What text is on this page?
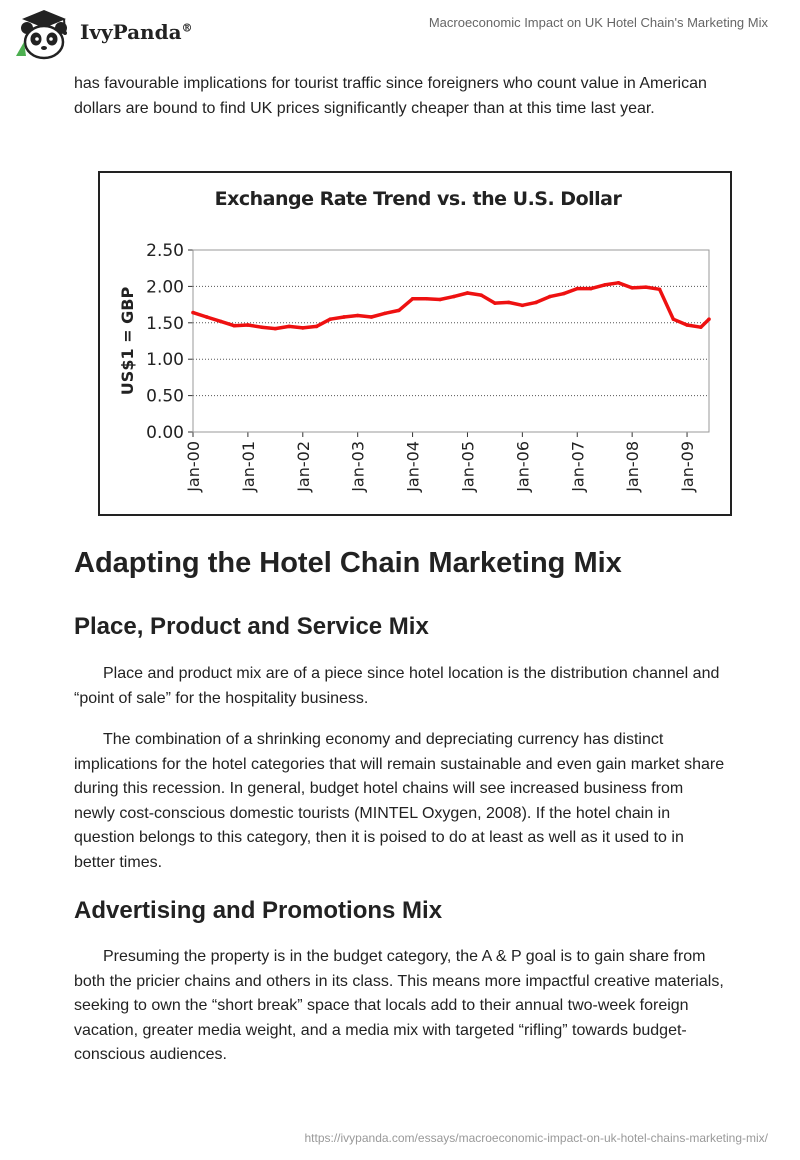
IvyPanda®	Macroeconomic Impact on UK Hotel Chain's Marketing Mix

has favourable implications for tourist traffic since foreigners who count value in American dollars are bound to find UK prices significantly cheaper than at this time last year.

Exchange Rate Trend vs. the U.S. Dollar
US$1 = GBP
0.00
0.50
1.00
1.50
2.00
2.50
Jan-00 Jan-01 Jan-02 Jan-03 Jan-04 Jan-05 Jan-06 Jan-07 Jan-08 Jan-09
Adapting the Hotel Chain Marketing Mix
Place, Product and Service Mix

Place and product mix are of a piece since hotel location is the distribution channel and “point of sale” for the hospitality business.

The combination of a shrinking economy and depreciating currency has distinct implications for the hotel categories that will remain sustainable and even gain market share during this recession. In general, budget hotel chains will see increased business from newly cost-conscious domestic tourists (MINTEL Oxygen, 2008). If the hotel chain in question belongs to this category, then it is poised to do at least as well as it used to in better times.

Advertising and Promotions Mix

Presuming the property is in the budget category, the A & P goal is to gain share from both the pricier chains and others in its class. This means more impactful creative materials, seeking to own the “short break” space that locals add to their annual two-week foreign vacation, greater media weight, and a media mix with targeted “rifling” towards budget-conscious audiences.

https://ivypanda.com/essays/macroeconomic-impact-on-uk-hotel-chains-marketing-mix/
